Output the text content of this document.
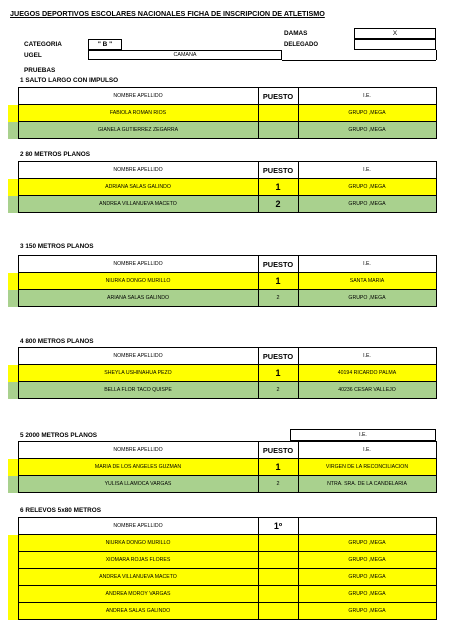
JUEGOS DEPORTIVOS ESCOLARES NACIONALES FICHA DE INSCRIPCION DE ATLETISMO
DAMAS	X
CATEGORIA	" B "	DELEGADO
UGEL	CAMANA
PRUEBAS
1 SALTO LARGO CON IMPULSO
	NOMBRE APELLIDO	PUESTO	I.E.
	FABIOLA ROMAN RIOS		GRUPO ,MEGA
	GIANELA GUTIERREZ ZEGARRA		GRUPO ,MEGA
2 80 METROS PLANOS
	NOMBRE APELLIDO	PUESTO	I.E.
	ADRIANA SALAS GALINDO	1	GRUPO ,MEGA
	ANDREA VILLANUEVA MACETO	2	GRUPO ,MEGA
3 150 METROS PLANOS
	NOMBRE APELLIDO	PUESTO	I.E.
	NIURKA DONGO MURILLO	1	SANTA MARIA
	ARIANA SALAS GALINDO	2	GRUPO ,MEGA
4 800 METROS PLANOS
	NOMBRE APELLIDO	PUESTO	I.E.
	SHEYLA USHINAHUA PEZO	1	40194 RICARDO PALMA
	BELLA FLOR TACO QUISPE	2	40236 CESAR VALLEJO
5 2000 METROS PLANOS	I.E.
	NOMBRE APELLIDO	PUESTO	I.E.
	MARIA DE LOS ANGELES GUZMAN	1	VIRGEN DE LA RECONCILIACION
	YULISA LLAMOCA VARGAS	2	NTRA. SRA. DE LA CANDELARIA
6 RELEVOS 5x80 METROS
	NOMBRE APELLIDO	1º	
	NIURKA DONGO MURILLO		GRUPO ,MEGA
	XIOMARA ROJAS FLORES		GRUPO ,MEGA
	ANDREA VILLANUEVA MACETO		GRUPO ,MEGA
	ANDREA MOROY VARGAS		GRUPO ,MEGA
	ANDREA SALAS GALINDO		GRUPO ,MEGA
